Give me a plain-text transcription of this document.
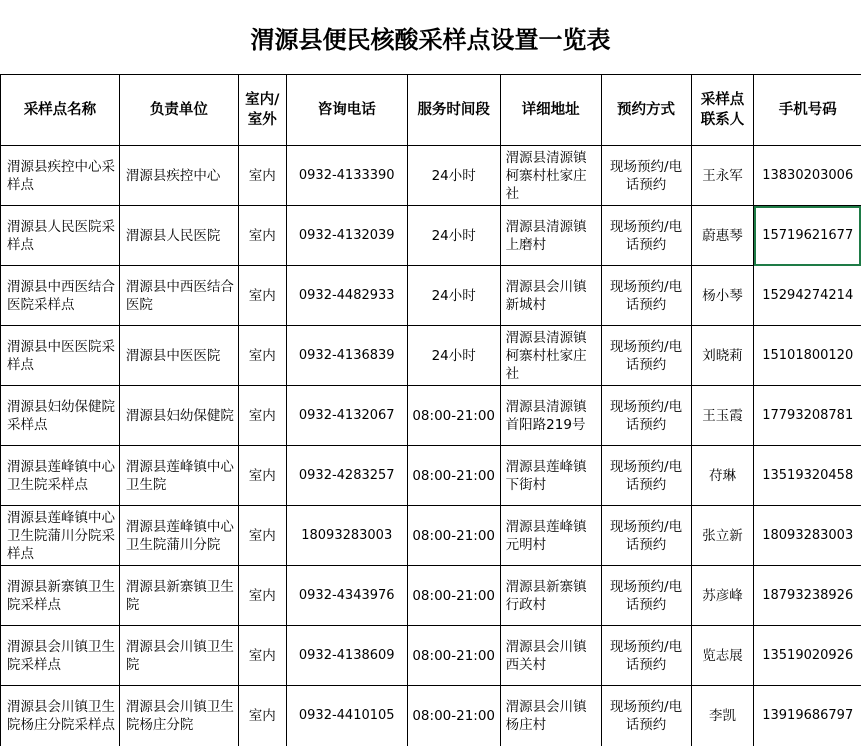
渭源县便民核酸采样点设置一览表
采样点名称	负责单位	室内/室外	咨询电话	服务时间段	详细地址	预约方式	采样点联系人	手机号码
渭源县疾控中心采样点	渭源县疾控中心	室内	0932-4133390	24小时	渭源县清源镇柯寨村杜家庄社	现场预约/电话预约	王永军	13830203006
渭源县人民医院采样点	渭源县人民医院	室内	0932-4132039	24小时	渭源县清源镇上磨村	现场预约/电话预约	蔚惠琴	15719621677
渭源县中西医结合医院采样点	渭源县中西医结合医院	室内	0932-4482933	24小时	渭源县会川镇新城村	现场预约/电话预约	杨小琴	15294274214
渭源县中医医院采样点	渭源县中医医院	室内	0932-4136839	24小时	渭源县清源镇柯寨村杜家庄社	现场预约/电话预约	刘晓莉	15101800120
渭源县妇幼保健院采样点	渭源县妇幼保健院	室内	0932-4132067	08:00-21:00	渭源县清源镇首阳路219号	现场预约/电话预约	王玉霞	17793208781
渭源县莲峰镇中心卫生院采样点	渭源县莲峰镇中心卫生院	室内	0932-4283257	08:00-21:00	渭源县莲峰镇下街村	现场预约/电话预约	苻琳	13519320458
渭源县莲峰镇中心卫生院蒲川分院采样点	渭源县莲峰镇中心卫生院蒲川分院	室内	18093283003	08:00-21:00	渭源县莲峰镇元明村	现场预约/电话预约	张立新	18093283003
渭源县新寨镇卫生院采样点	渭源县新寨镇卫生院	室内	0932-4343976	08:00-21:00	渭源县新寨镇行政村	现场预约/电话预约	苏彦峰	18793238926
渭源县会川镇卫生院采样点	渭源县会川镇卫生院	室内	0932-4138609	08:00-21:00	渭源县会川镇西关村	现场预约/电话预约	览志展	13519020926
渭源县会川镇卫生院杨庄分院采样点	渭源县会川镇卫生院杨庄分院	室内	0932-4410105	08:00-21:00	渭源县会川镇杨庄村	现场预约/电话预约	李凯	13919686797
